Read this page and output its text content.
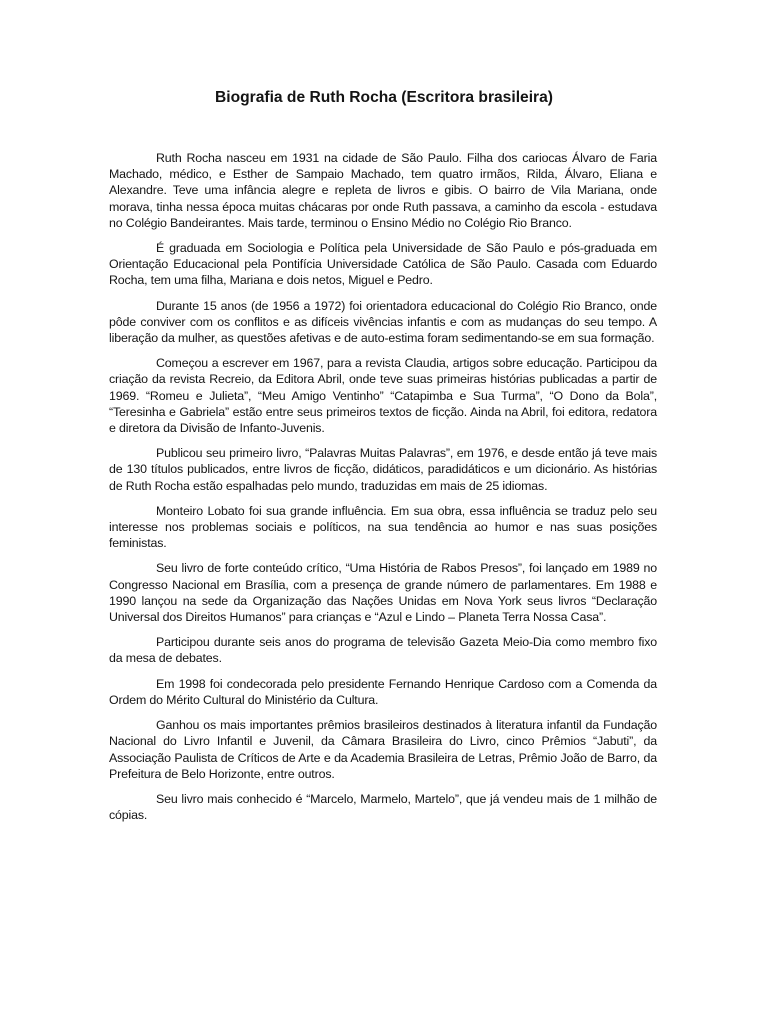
Biografia de Ruth Rocha (Escritora brasileira)

Ruth Rocha nasceu em 1931 na cidade de São Paulo. Filha dos cariocas Álvaro de Faria Machado, médico, e Esther de Sampaio Machado, tem quatro irmãos, Rilda, Álvaro, Eliana e Alexandre. Teve uma infância alegre e repleta de livros e gibis. O bairro de Vila Mariana, onde morava, tinha nessa época muitas chácaras por onde Ruth passava, a caminho da escola - estudava no Colégio Bandeirantes. Mais tarde, terminou o Ensino Médio no Colégio Rio Branco.

É graduada em Sociologia e Política pela Universidade de São Paulo e pós-graduada em Orientação Educacional pela Pontifícia Universidade Católica de São Paulo. Casada com Eduardo Rocha, tem uma filha, Mariana e dois netos, Miguel e Pedro.

Durante 15 anos (de 1956 a 1972) foi orientadora educacional do Colégio Rio Branco, onde pôde conviver com os conflitos e as difíceis vivências infantis e com as mudanças do seu tempo. A liberação da mulher, as questões afetivas e de auto-estima foram sedimentando-se em sua formação.

Começou a escrever em 1967, para a revista Claudia, artigos sobre educação. Participou da criação da revista Recreio, da Editora Abril, onde teve suas primeiras histórias publicadas a partir de 1969. “Romeu e Julieta”, “Meu Amigo Ventinho” “Catapimba e Sua Turma”, “O Dono da Bola”, “Teresinha e Gabriela” estão entre seus primeiros textos de ficção. Ainda na Abril, foi editora, redatora e diretora da Divisão de Infanto-Juvenis.

Publicou seu primeiro livro, “Palavras Muitas Palavras”, em 1976, e desde então já teve mais de 130 títulos publicados, entre livros de ficção, didáticos, paradidáticos e um dicionário. As histórias de Ruth Rocha estão espalhadas pelo mundo, traduzidas em mais de 25 idiomas.

Monteiro Lobato foi sua grande influência. Em sua obra, essa influência se traduz pelo seu interesse nos problemas sociais e políticos, na sua tendência ao humor e nas suas posições feministas.

Seu livro de forte conteúdo crítico, “Uma História de Rabos Presos”, foi lançado em 1989 no Congresso Nacional em Brasília, com a presença de grande número de parlamentares. Em 1988 e 1990 lançou na sede da Organização das Nações Unidas em Nova York seus livros “Declaração Universal dos Direitos Humanos” para crianças e “Azul e Lindo – Planeta Terra Nossa Casa”.

Participou durante seis anos do programa de televisão Gazeta Meio-Dia como membro fixo da mesa de debates.

Em 1998 foi condecorada pelo presidente Fernando Henrique Cardoso com a Comenda da Ordem do Mérito Cultural do Ministério da Cultura.

Ganhou os mais importantes prêmios brasileiros destinados à literatura infantil da Fundação Nacional do Livro Infantil e Juvenil, da Câmara Brasileira do Livro, cinco Prêmios “Jabuti”, da Associação Paulista de Críticos de Arte e da Academia Brasileira de Letras, Prêmio João de Barro, da Prefeitura de Belo Horizonte, entre outros.

Seu livro mais conhecido é “Marcelo, Marmelo, Martelo”, que já vendeu mais de 1 milhão de cópias.
